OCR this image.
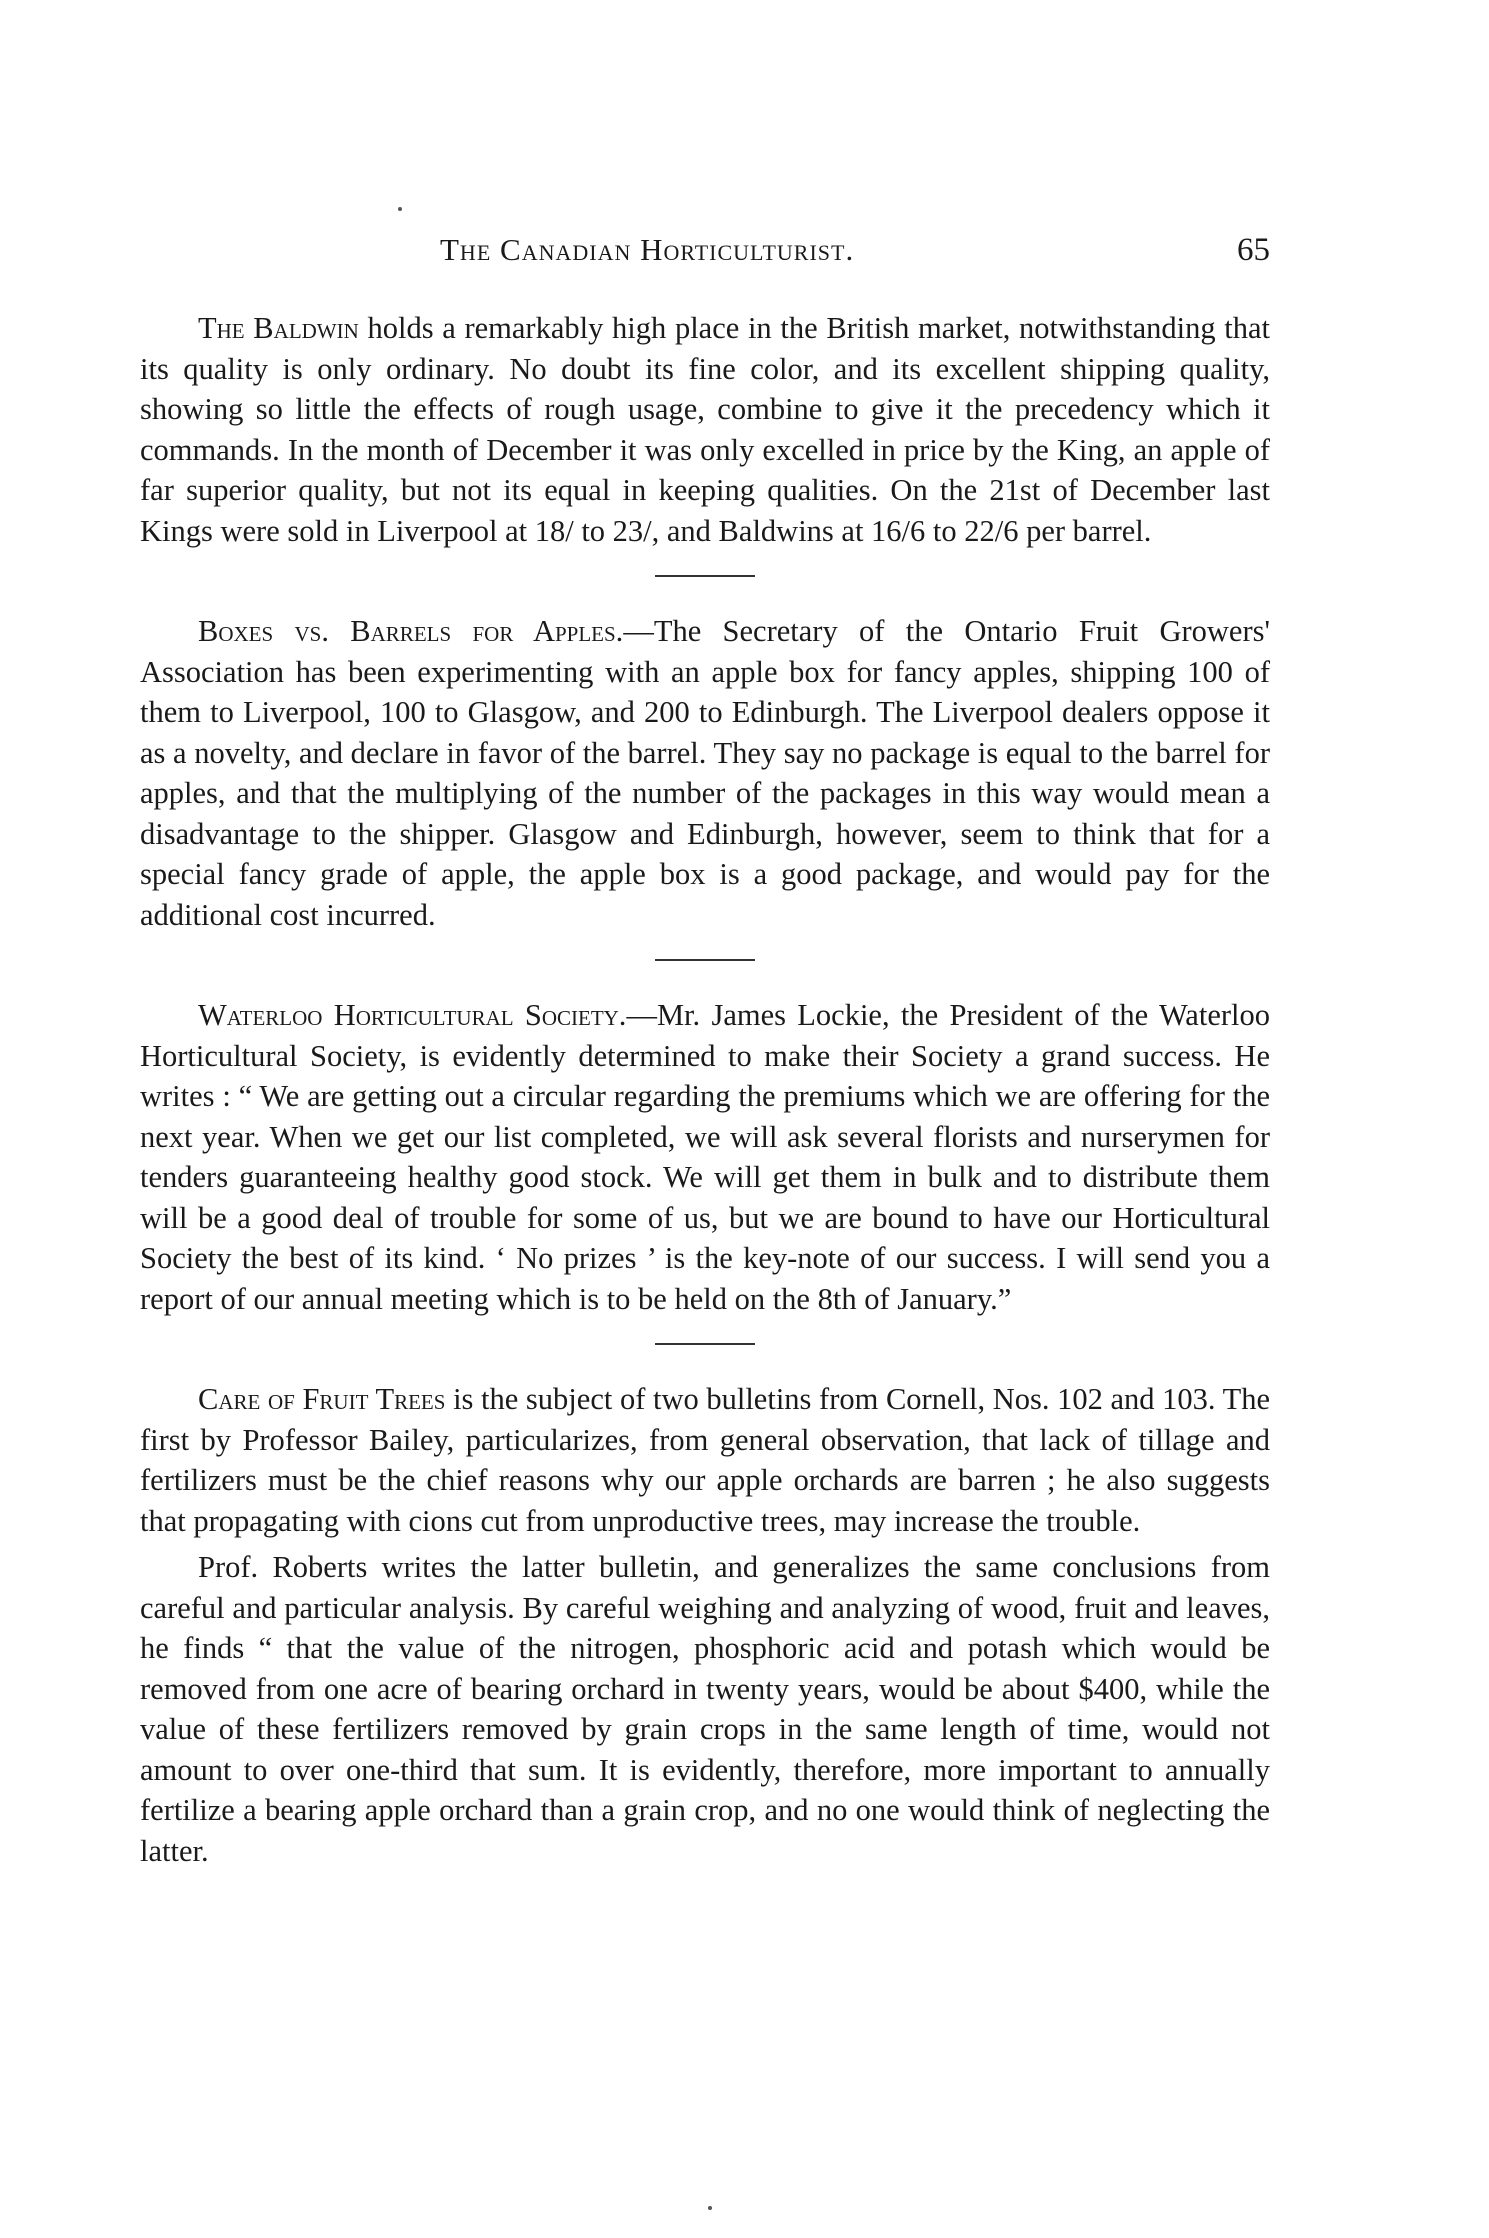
The Canadian Horticulturist.	65

The Baldwin holds a remarkably high place in the British market, notwithstanding that its quality is only ordinary. No doubt its fine color, and its excellent shipping quality, showing so little the effects of rough usage, combine to give it the precedency which it commands. In the month of December it was only excelled in price by the King, an apple of far superior quality, but not its equal in keeping qualities. On the 21st of December last Kings were sold in Liverpool at 18/ to 23/, and Baldwins at 16/6 to 22/6 per barrel.

Boxes vs. Barrels for Apples.—The Secretary of the Ontario Fruit Growers' Association has been experimenting with an apple box for fancy apples, shipping 100 of them to Liverpool, 100 to Glasgow, and 200 to Edinburgh. The Liverpool dealers oppose it as a novelty, and declare in favor of the barrel. They say no package is equal to the barrel for apples, and that the multiplying of the number of the packages in this way would mean a disadvantage to the shipper. Glasgow and Edinburgh, however, seem to think that for a special fancy grade of apple, the apple box is a good package, and would pay for the additional cost incurred.

Waterloo Horticultural Society.—Mr. James Lockie, the President of the Waterloo Horticultural Society, is evidently determined to make their Society a grand success. He writes : “ We are getting out a circular regarding the premiums which we are offering for the next year. When we get our list completed, we will ask several florists and nurserymen for tenders guaranteeing healthy good stock. We will get them in bulk and to distribute them will be a good deal of trouble for some of us, but we are bound to have our Horticultural Society the best of its kind. ‘ No prizes ’ is the key-note of our success. I will send you a report of our annual meeting which is to be held on the 8th of January.”

Care of Fruit Trees is the subject of two bulletins from Cornell, Nos. 102 and 103. The first by Professor Bailey, particularizes, from general observation, that lack of tillage and fertilizers must be the chief reasons why our apple orchards are barren ; he also suggests that propagating with cions cut from unproductive trees, may increase the trouble.

Prof. Roberts writes the latter bulletin, and generalizes the same conclusions from careful and particular analysis. By careful weighing and analyzing of wood, fruit and leaves, he finds “ that the value of the nitrogen, phosphoric acid and potash which would be removed from one acre of bearing orchard in twenty years, would be about $400, while the value of these fertilizers removed by grain crops in the same length of time, would not amount to over one-third that sum. It is evidently, therefore, more important to annually fertilize a bearing apple orchard than a grain crop, and no one would think of neglecting the latter.
